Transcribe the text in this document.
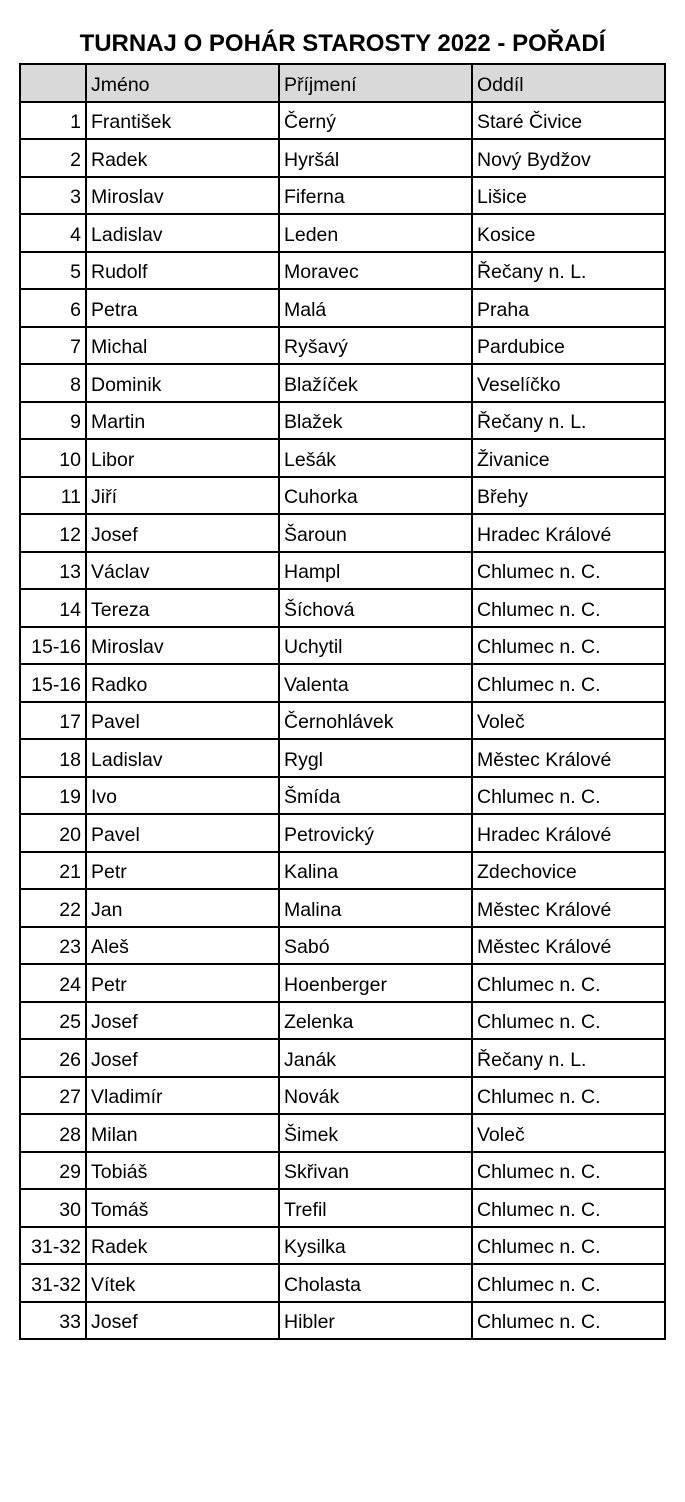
TURNAJ O POHÁR STAROSTY 2022 - POŘADÍ
	Jméno	Příjmení	Oddíl
1	František	Černý	Staré Čivice
2	Radek	Hyršál	Nový Bydžov
3	Miroslav	Fiferna	Lišice
4	Ladislav	Leden	Kosice
5	Rudolf	Moravec	Řečany n. L.
6	Petra	Malá	Praha
7	Michal	Ryšavý	Pardubice
8	Dominik	Blažíček	Veselíčko
9	Martin	Blažek	Řečany n. L.
10	Libor	Lešák	Živanice
11	Jiří	Cuhorka	Břehy
12	Josef	Šaroun	Hradec Králové
13	Václav	Hampl	Chlumec n. C.
14	Tereza	Šíchová	Chlumec n. C.
15-16	Miroslav	Uchytil	Chlumec n. C.
15-16	Radko	Valenta	Chlumec n. C.
17	Pavel	Černohlávek	Voleč
18	Ladislav	Rygl	Městec Králové
19	Ivo	Šmída	Chlumec n. C.
20	Pavel	Petrovický	Hradec Králové
21	Petr	Kalina	Zdechovice
22	Jan	Malina	Městec Králové
23	Aleš	Sabó	Městec Králové
24	Petr	Hoenberger	Chlumec n. C.
25	Josef	Zelenka	Chlumec n. C.
26	Josef	Janák	Řečany n. L.
27	Vladimír	Novák	Chlumec n. C.
28	Milan	Šimek	Voleč
29	Tobiáš	Skřivan	Chlumec n. C.
30	Tomáš	Trefil	Chlumec n. C.
31-32	Radek	Kysilka	Chlumec n. C.
31-32	Vítek	Cholasta	Chlumec n. C.
33	Josef	Hibler	Chlumec n. C.
